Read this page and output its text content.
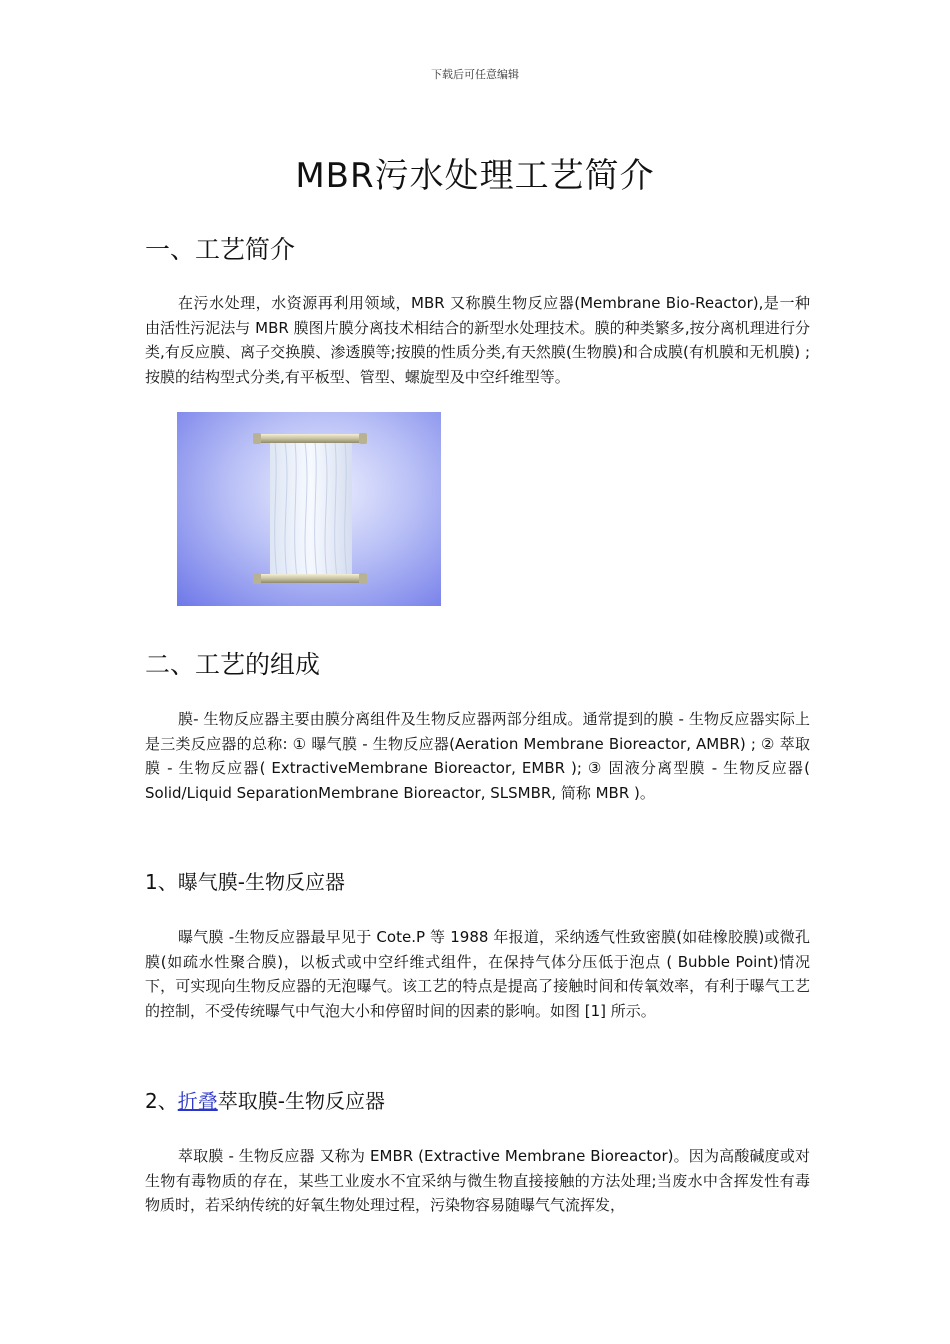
下载后可任意编辑
MBR污水处理工艺简介
一、工艺简介
在污水处理，水资源再利用领域，MBR 又称膜生物反应器(Membrane Bio-Reactor),是一种由活性污泥法与 MBR 膜图片膜分离技术相结合的新型水处理技术。膜的种类繁多,按分离机理进行分类,有反应膜、离子交换膜、渗透膜等;按膜的性质分类,有天然膜(生物膜)和合成膜(有机膜和无机膜) ;按膜的结构型式分类,有平板型、管型、螺旋型及中空纤维型等。
二、工艺的组成
膜- 生物反应器主要由膜分离组件及生物反应器两部分组成。通常提到的膜 - 生物反应器实际上是三类反应器的总称: ① 曝气膜 - 生物反应器(Aeration Membrane Bioreactor, AMBR) ; ② 萃取膜 - 生物反应器( ExtractiveMembrane Bioreactor, EMBR ); ③ 固液分离型膜 - 生物反应器( Solid/Liquid SeparationMembrane Bioreactor, SLSMBR, 简称 MBR )。
1、曝气膜-生物反应器
曝气膜 -生物反应器最早见于 Cote.P 等 1988 年报道，采纳透气性致密膜(如硅橡胶膜)或微孔膜(如疏水性聚合膜)，以板式或中空纤维式组件，在保持气体分压低于泡点 ( Bubble Point)情况下，可实现向生物反应器的无泡曝气。该工艺的特点是提高了接触时间和传氧效率，有利于曝气工艺的控制，不受传统曝气中气泡大小和停留时间的因素的影响。如图 [1] 所示。
2、折叠萃取膜-生物反应器
萃取膜 - 生物反应器 又称为 EMBR (Extractive Membrane Bioreactor)。因为高酸碱度或对生物有毒物质的存在，某些工业废水不宜采纳与微生物直接接触的方法处理;当废水中含挥发性有毒物质时，若采纳传统的好氧生物处理过程，污染物容易随曝气气流挥发，
